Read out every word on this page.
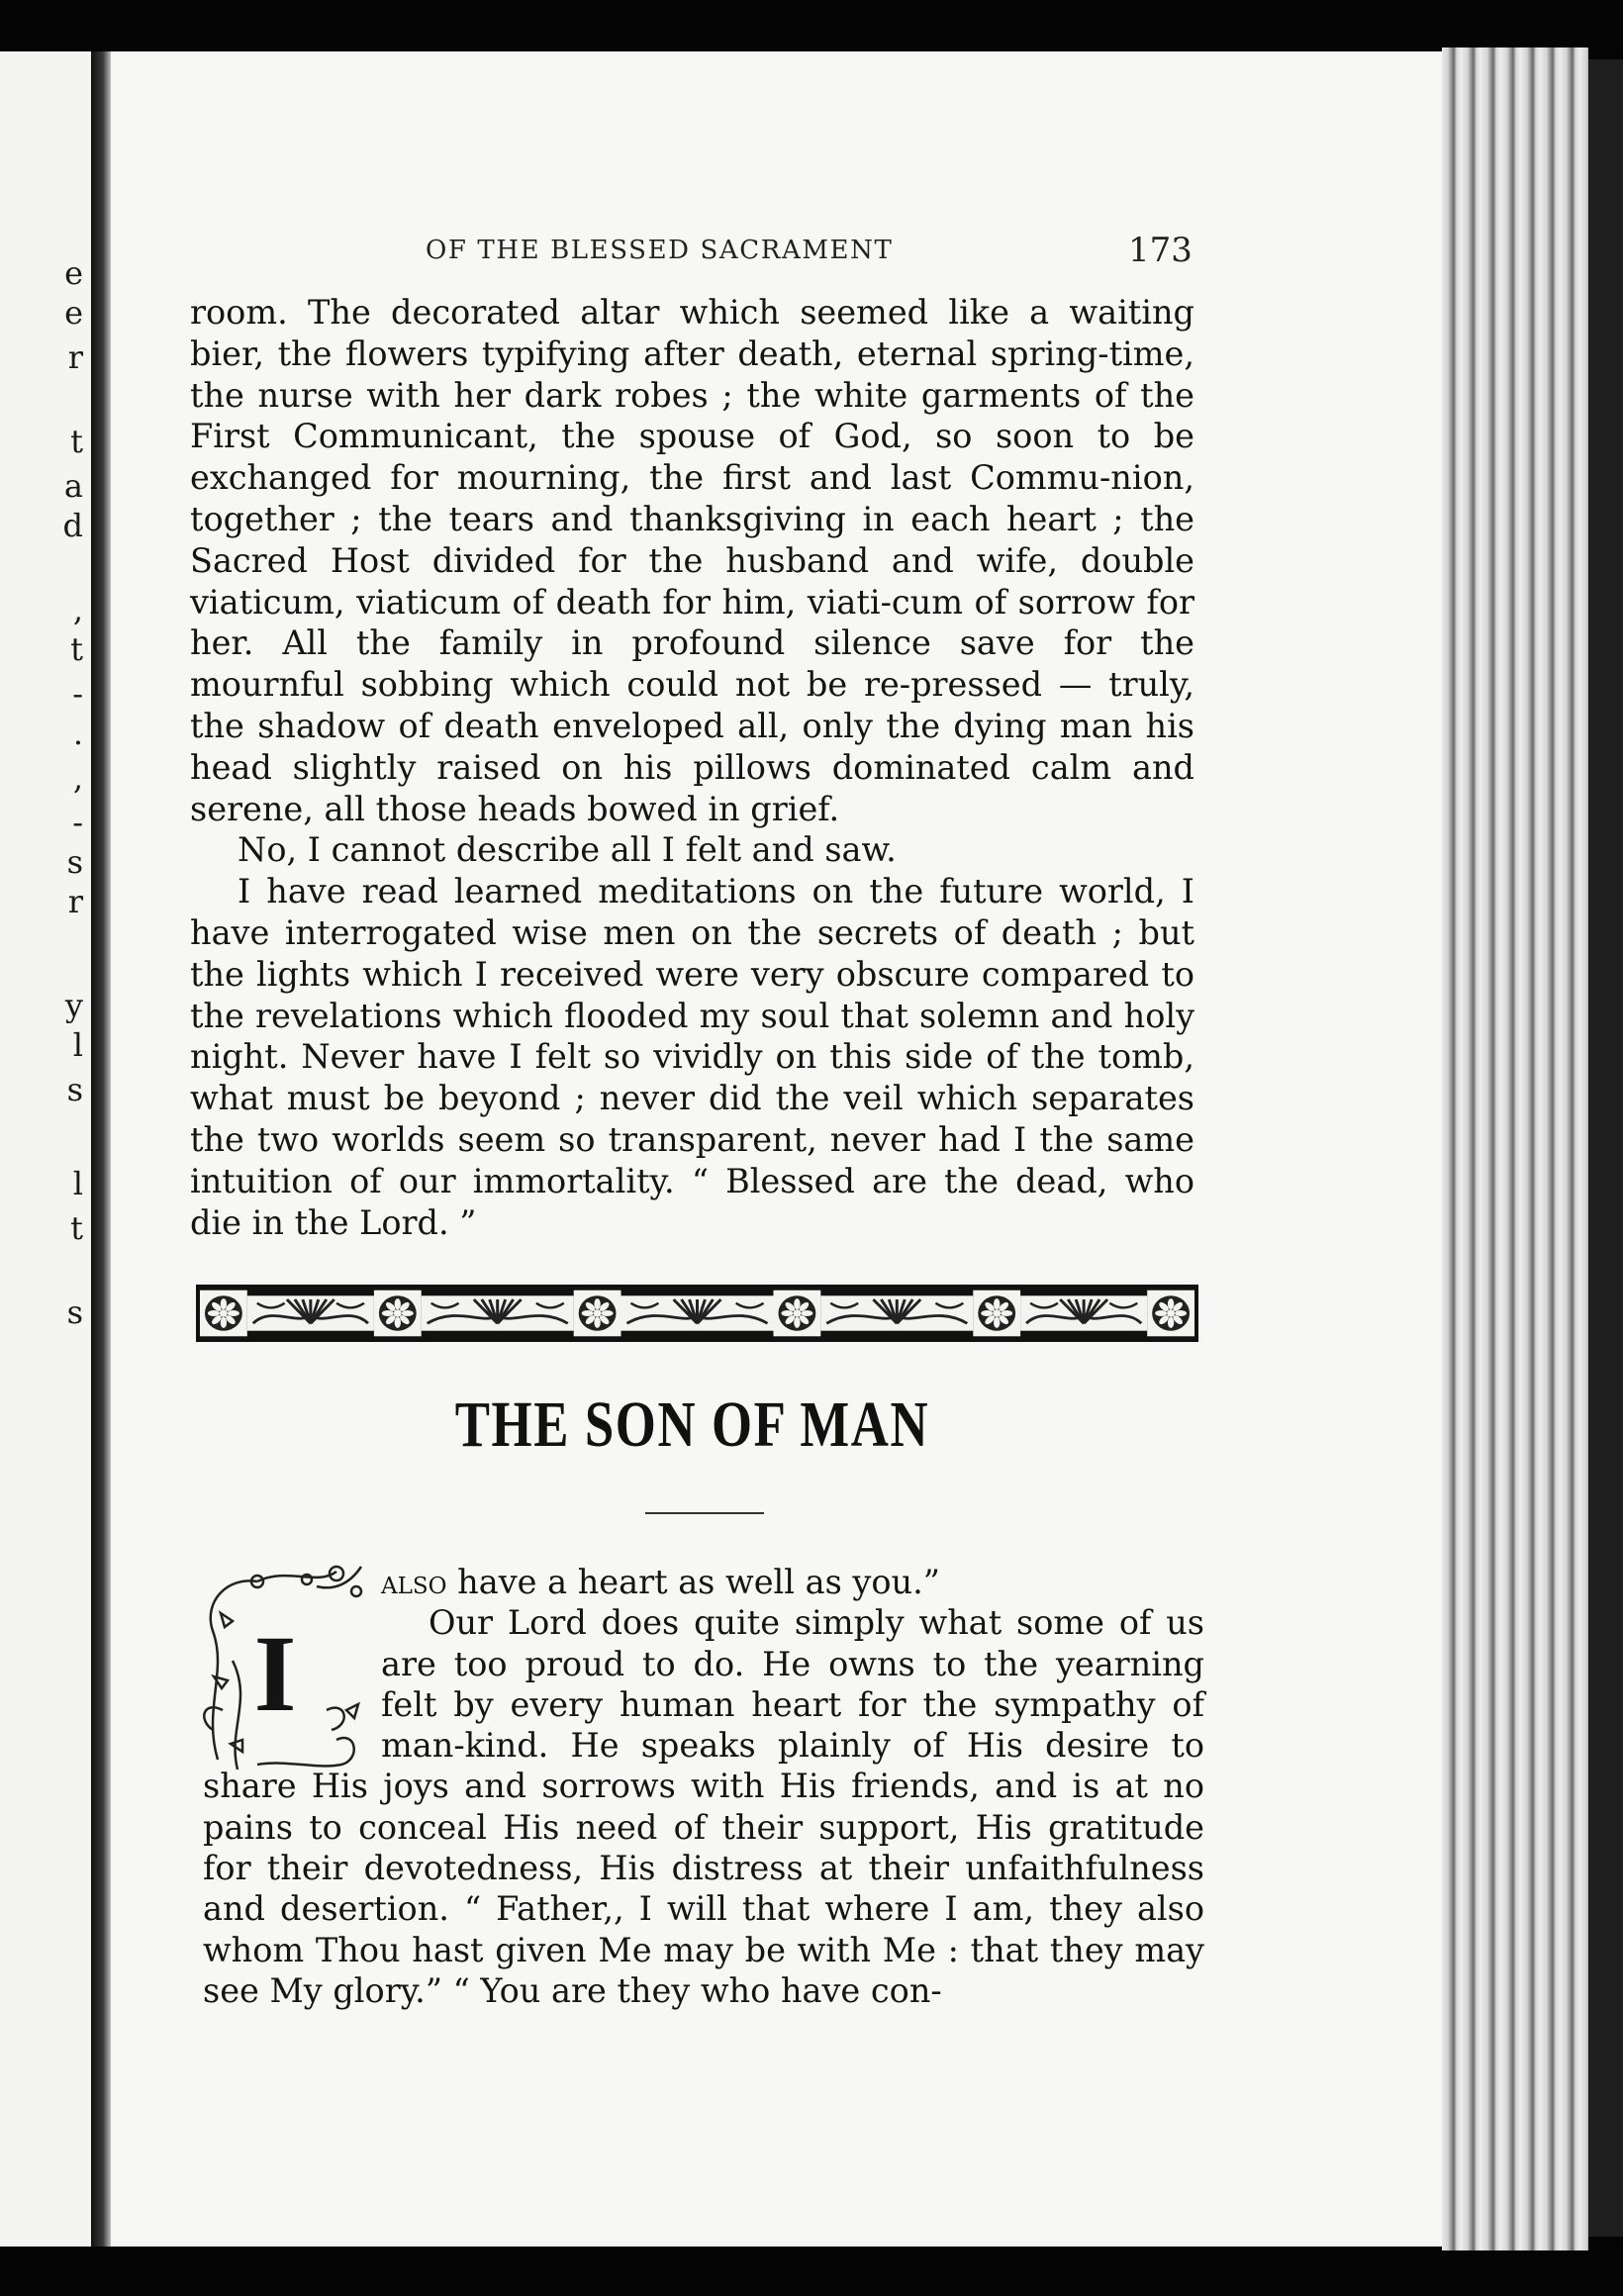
e
e
r
t
a
d
,
t
-
.
,
-
s
r
y
l
s
l
t
s
OF THE BLESSED SACRAMENT	173

room. The decorated altar which seemed like a waiting bier, the flowers typifying after death, eternal spring-time, the nurse with her dark robes ; the white garments of the First Communicant, the spouse of God, so soon to be exchanged for mourning, the first and last Commu-nion, together ; the tears and thanksgiving in each heart ; the Sacred Host divided for the husband and wife, double viaticum, viaticum of death for him, viati-cum of sorrow for her. All the family in profound silence save for the mournful sobbing which could not be re-pressed — truly, the shadow of death enveloped all, only the dying man his head slightly raised on his pillows dominated calm and serene, all those heads bowed in grief.

No, I cannot describe all I felt and saw.

I have read learned meditations on the future world, I have interrogated wise men on the secrets of death ; but the lights which I received were very obscure compared to the revelations which flooded my soul that solemn and holy night. Never have I felt so vividly on this side of the tomb, what must be beyond ; never did the veil which separates the two worlds seem so transparent, never had I the same intuition of our immortality. “ Blessed are the dead, who die in the Lord. ”

THE SON OF MAN
I

also have a heart as well as you.”

Our Lord does quite simply what some of us are too proud to do. He owns to the yearning felt by every human heart for the sympathy of man-kind. He speaks plainly of His desire to share His joys and sorrows with His friends, and is at no pains to conceal His need of their support, His gratitude for their devotedness, His distress at their unfaithfulness and desertion. “ Father,, I will that where I am, they also whom Thou hast given Me may be with Me : that they may see My glory.” “ You are they who have con-
